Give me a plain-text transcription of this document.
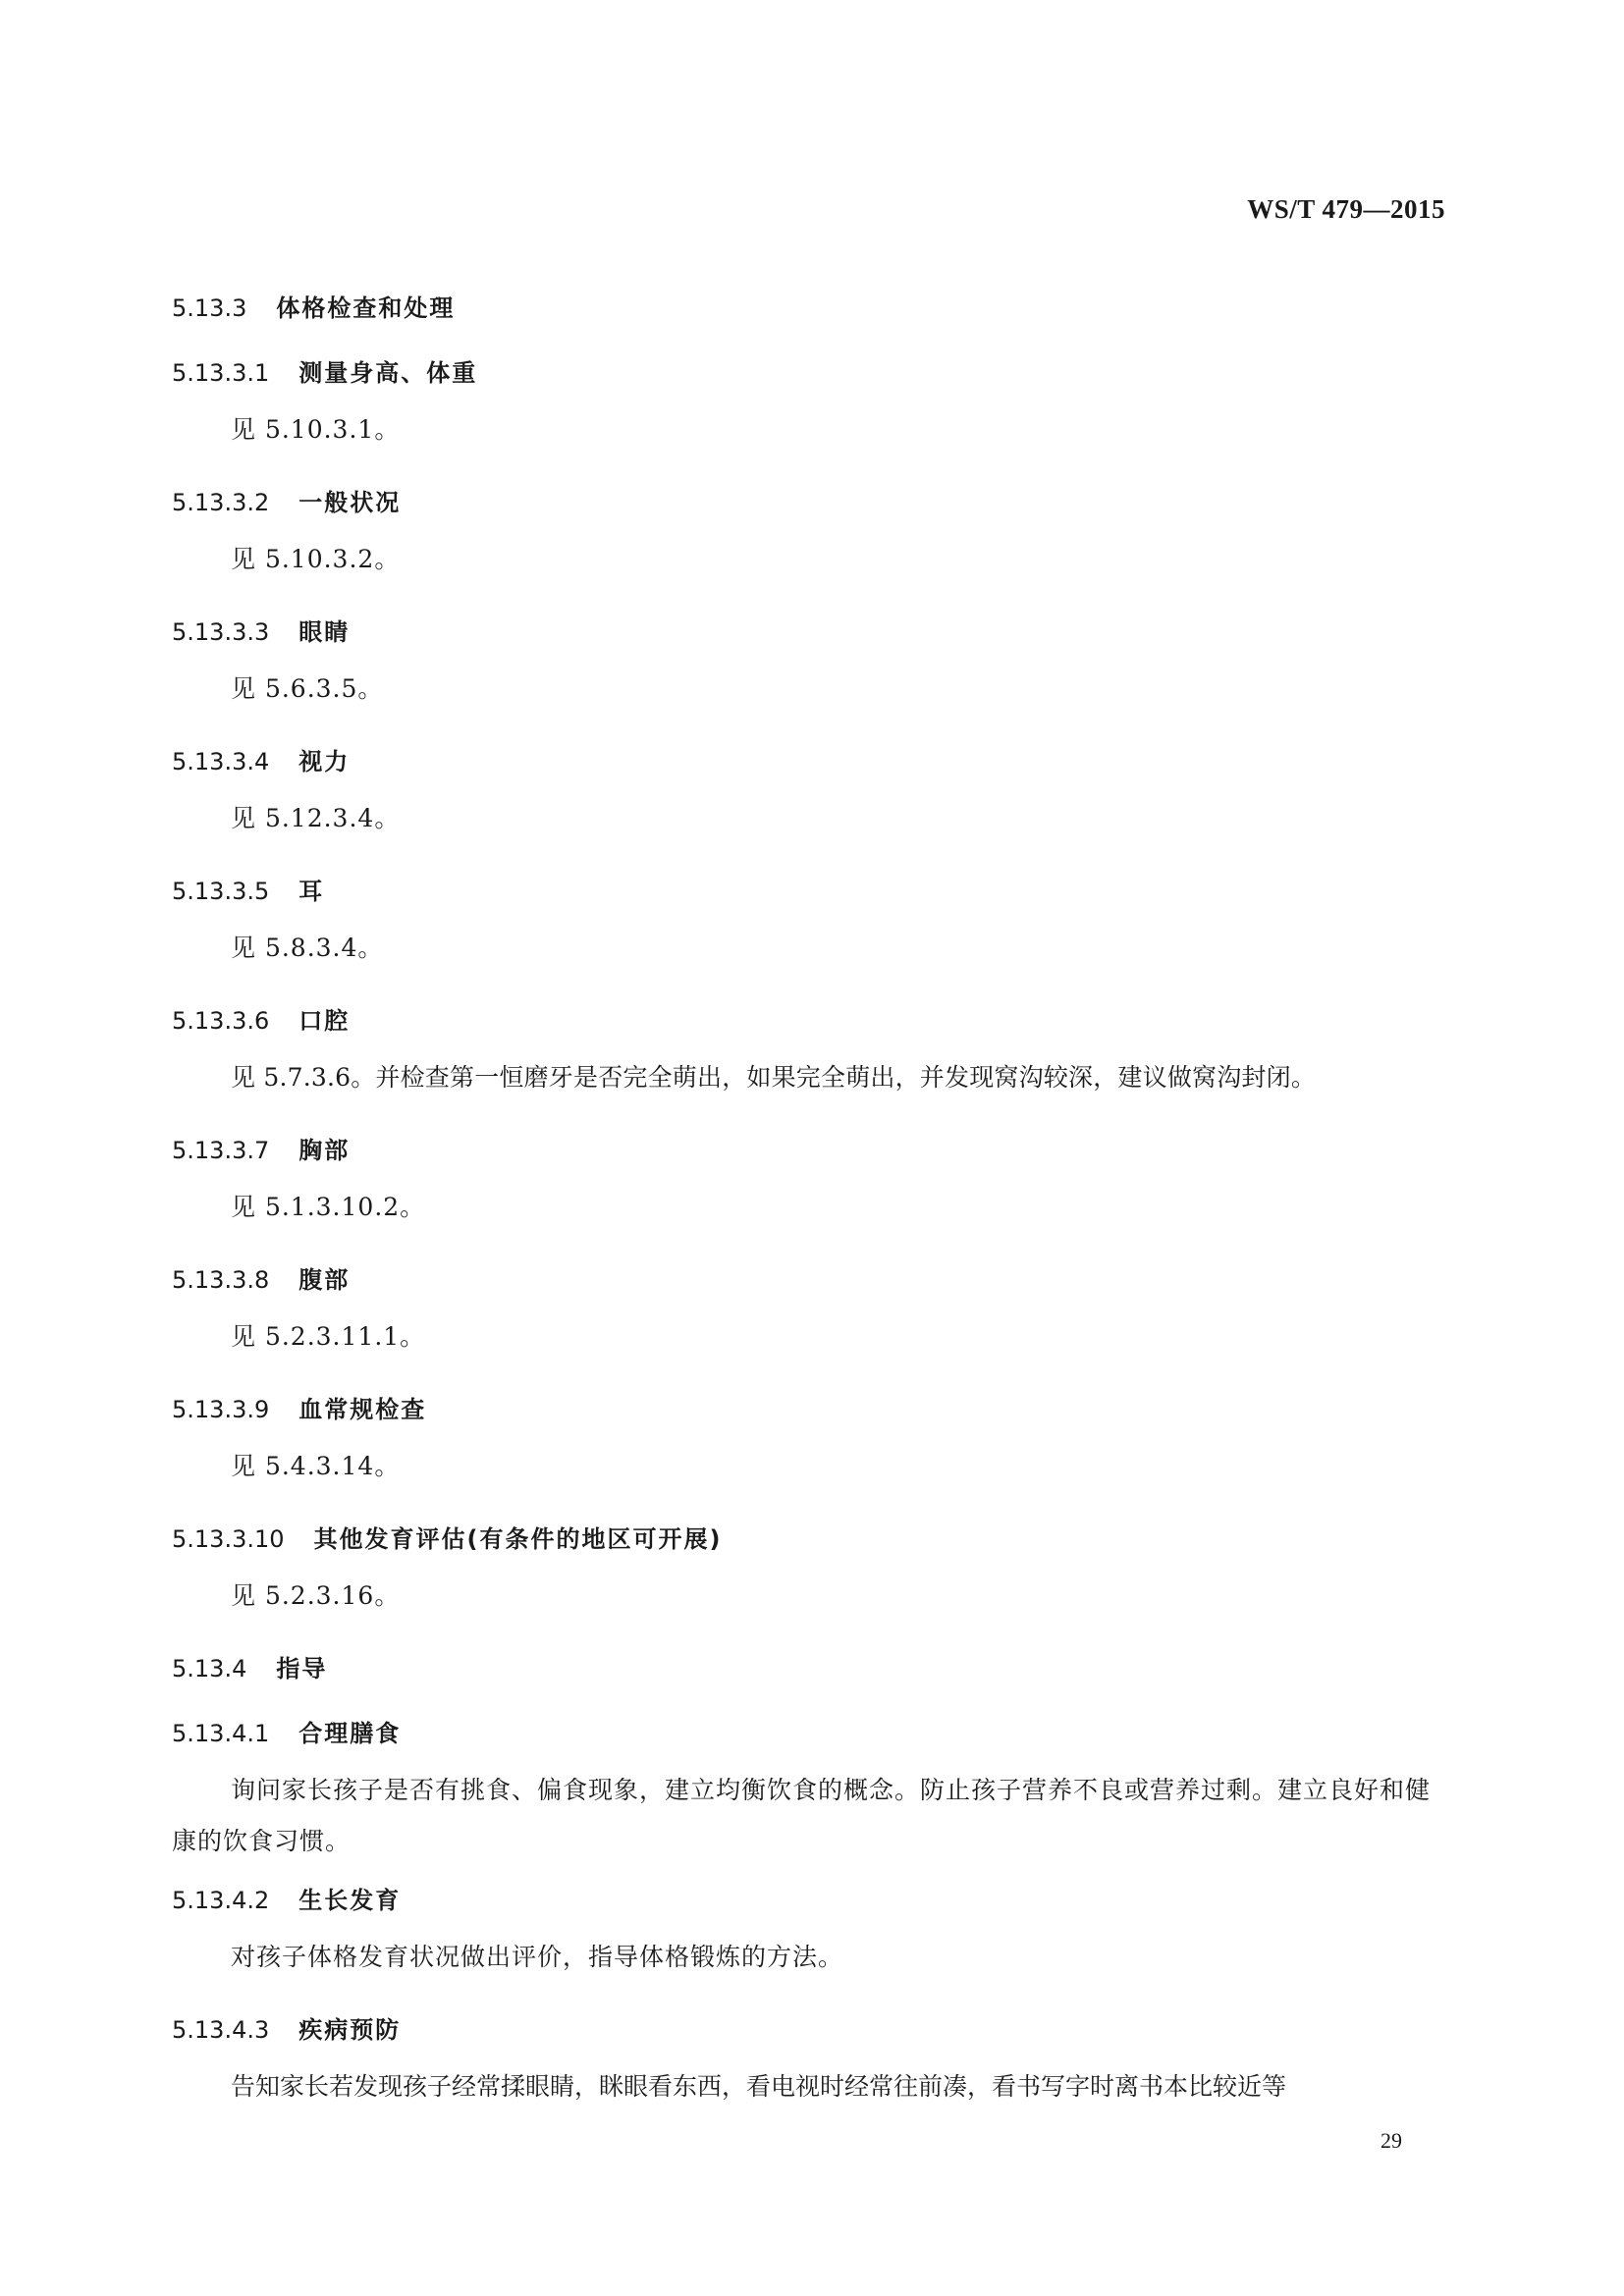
WS/T 479—2015
5.13.3 体格检查和处理
5.13.3.1 测量身高、体重

见 5.10.3.1。

5.13.3.2 一般状况

见 5.10.3.2。

5.13.3.3 眼睛

见 5.6.3.5。

5.13.3.4 视力

见 5.12.3.4。

5.13.3.5 耳

见 5.8.3.4。

5.13.3.6 口腔

见 5.7.3.6。并检查第一恒磨牙是否完全萌出，如果完全萌出，并发现窝沟较深，建议做窝沟封闭。

5.13.3.7 胸部

见 5.1.3.10.2。

5.13.3.8 腹部

见 5.2.3.11.1。

5.13.3.9 血常规检查

见 5.4.3.14。

5.13.3.10 其他发育评估(有条件的地区可开展)

见 5.2.3.16。

5.13.4 指导
5.13.4.1 合理膳食

询问家长孩子是否有挑食、偏食现象，建立均衡饮食的概念。防止孩子营养不良或营养过剩。建立良好和健康的饮食习惯。

5.13.4.2 生长发育

对孩子体格发育状况做出评价，指导体格锻炼的方法。

5.13.4.3 疾病预防

告知家长若发现孩子经常揉眼睛，眯眼看东西，看电视时经常往前凑，看书写字时离书本比较近等

29
